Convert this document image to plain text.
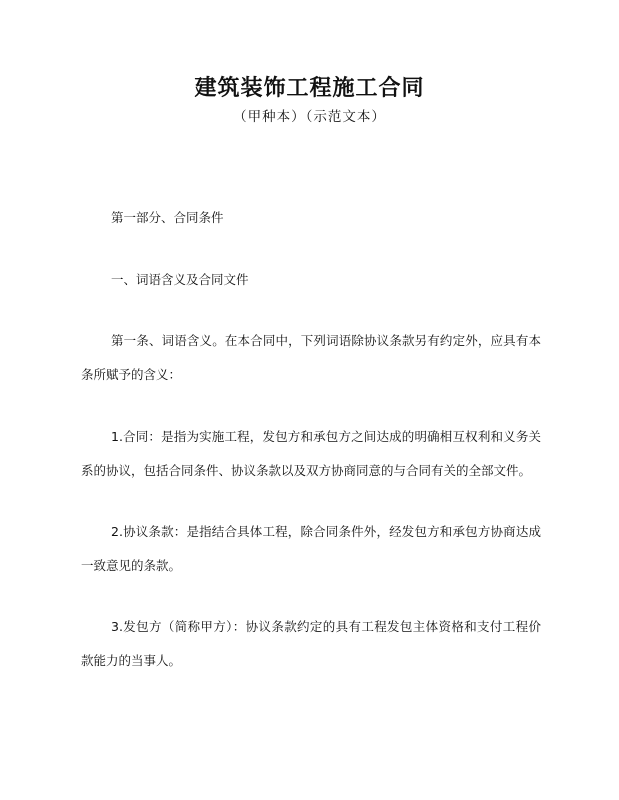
建筑装饰工程施工合同
（甲种本）（示范文本）

第一部分、合同条件

一、词语含义及合同文件

第一条、词语含义。在本合同中，下列词语除协议条款另有约定外，应具有本条所赋予的含义：

1.合同：是指为实施工程，发包方和承包方之间达成的明确相互权利和义务关系的协议，包括合同条件、协议条款以及双方协商同意的与合同有关的全部文件。

2.协议条款：是指结合具体工程，除合同条件外，经发包方和承包方协商达成一致意见的条款。

3.发包方（简称甲方）：协议条款约定的具有工程发包主体资格和支付工程价款能力的当事人。
